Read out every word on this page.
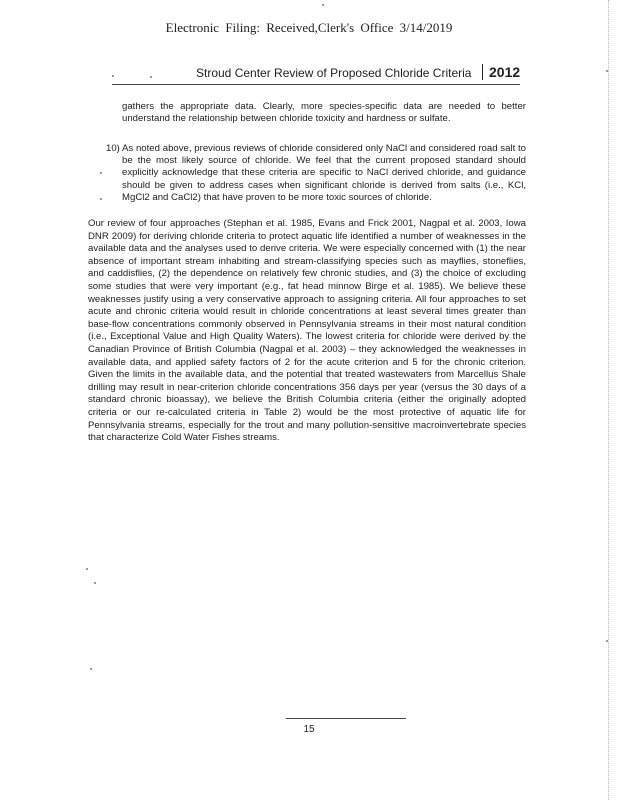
Electronic Filing: Received,Clerk's Office 3/14/2019
Stroud Center Review of Proposed Chloride Criteria	2012
gathers the appropriate data. Clearly, more species-specific data are needed to better understand the relationship between chloride toxicity and hardness or sulfate.
10) As noted above, previous reviews of chloride considered only NaCl and considered road salt to be the most likely source of chloride. We feel that the current proposed standard should explicitly acknowledge that these criteria are specific to NaCl derived chloride, and guidance should be given to address cases when significant chloride is derived from salts (i.e., KCl, MgCl2 and CaCl2) that have proven to be more toxic sources of chloride.
Our review of four approaches (Stephan et al. 1985, Evans and Frick 2001, Nagpal et al. 2003, Iowa DNR 2009) for deriving chloride criteria to protect aquatic life identified a number of weaknesses in the available data and the analyses used to derive criteria. We were especially concerned with (1) the near absence of important stream inhabiting and stream-classifying species such as mayflies, stoneflies, and caddisflies, (2) the dependence on relatively few chronic studies, and (3) the choice of excluding some studies that were very important (e.g., fat head minnow Birge et al. 1985). We believe these weaknesses justify using a very conservative approach to assigning criteria. All four approaches to set acute and chronic criteria would result in chloride concentrations at least several times greater than base-flow concentrations commonly observed in Pennsylvania streams in their most natural condition (i.e., Exceptional Value and High Quality Waters). The lowest criteria for chloride were derived by the Canadian Province of British Columbia (Nagpal et al. 2003) – they acknowledged the weaknesses in available data, and applied safety factors of 2 for the acute criterion and 5 for the chronic criterion. Given the limits in the available data, and the potential that treated wastewaters from Marcellus Shale drilling may result in near-criterion chloride concentrations 356 days per year (versus the 30 days of a standard chronic bioassay), we believe the British Columbia criteria (either the originally adopted criteria or our re-calculated criteria in Table 2) would be the most protective of aquatic life for Pennsylvania streams, especially for the trout and many pollution-sensitive macroinvertebrate species that characterize Cold Water Fishes streams.
15
